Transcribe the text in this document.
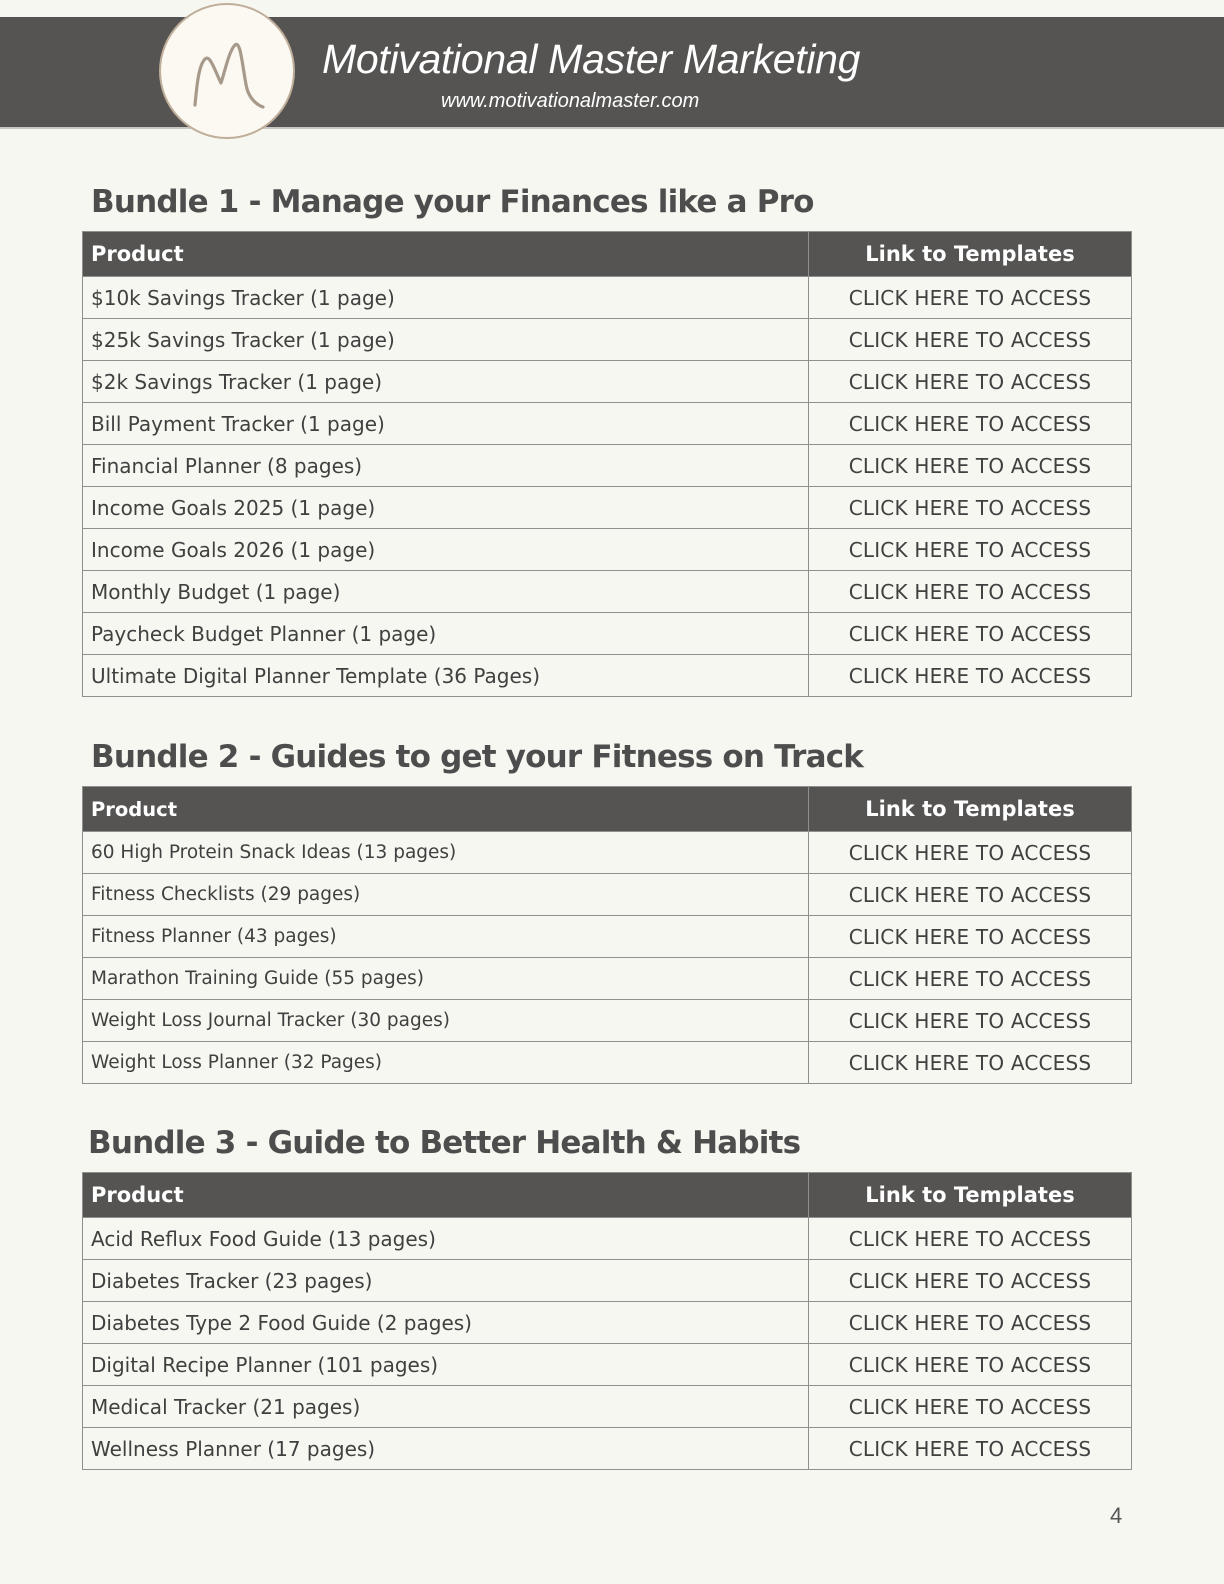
Motivational Master Marketing
www.motivationalmaster.com
Bundle 1 - Manage your Finances like a Pro
Product	Link to Templates
$10k Savings Tracker (1 page)	CLICK HERE TO ACCESS
$25k Savings Tracker (1 page)	CLICK HERE TO ACCESS
$2k Savings Tracker (1 page)	CLICK HERE TO ACCESS
Bill Payment Tracker (1 page)	CLICK HERE TO ACCESS
Financial Planner (8 pages)	CLICK HERE TO ACCESS
Income Goals 2025 (1 page)	CLICK HERE TO ACCESS
Income Goals 2026 (1 page)	CLICK HERE TO ACCESS
Monthly Budget (1 page)	CLICK HERE TO ACCESS
Paycheck Budget Planner (1 page)	CLICK HERE TO ACCESS
Ultimate Digital Planner Template (36 Pages)	CLICK HERE TO ACCESS
Bundle 2 - Guides to get your Fitness on Track
Product	Link to Templates
60 High Protein Snack Ideas (13 pages)	CLICK HERE TO ACCESS
Fitness Checklists (29 pages)	CLICK HERE TO ACCESS
Fitness Planner (43 pages)	CLICK HERE TO ACCESS
Marathon Training Guide (55 pages)	CLICK HERE TO ACCESS
Weight Loss Journal Tracker (30 pages)	CLICK HERE TO ACCESS
Weight Loss Planner (32 Pages)	CLICK HERE TO ACCESS
Bundle 3 - Guide to Better Health & Habits
Product	Link to Templates
Acid Reflux Food Guide (13 pages)	CLICK HERE TO ACCESS
Diabetes Tracker (23 pages)	CLICK HERE TO ACCESS
Diabetes Type 2 Food Guide (2 pages)	CLICK HERE TO ACCESS
Digital Recipe Planner (101 pages)	CLICK HERE TO ACCESS
Medical Tracker (21 pages)	CLICK HERE TO ACCESS
Wellness Planner (17 pages)	CLICK HERE TO ACCESS
4
